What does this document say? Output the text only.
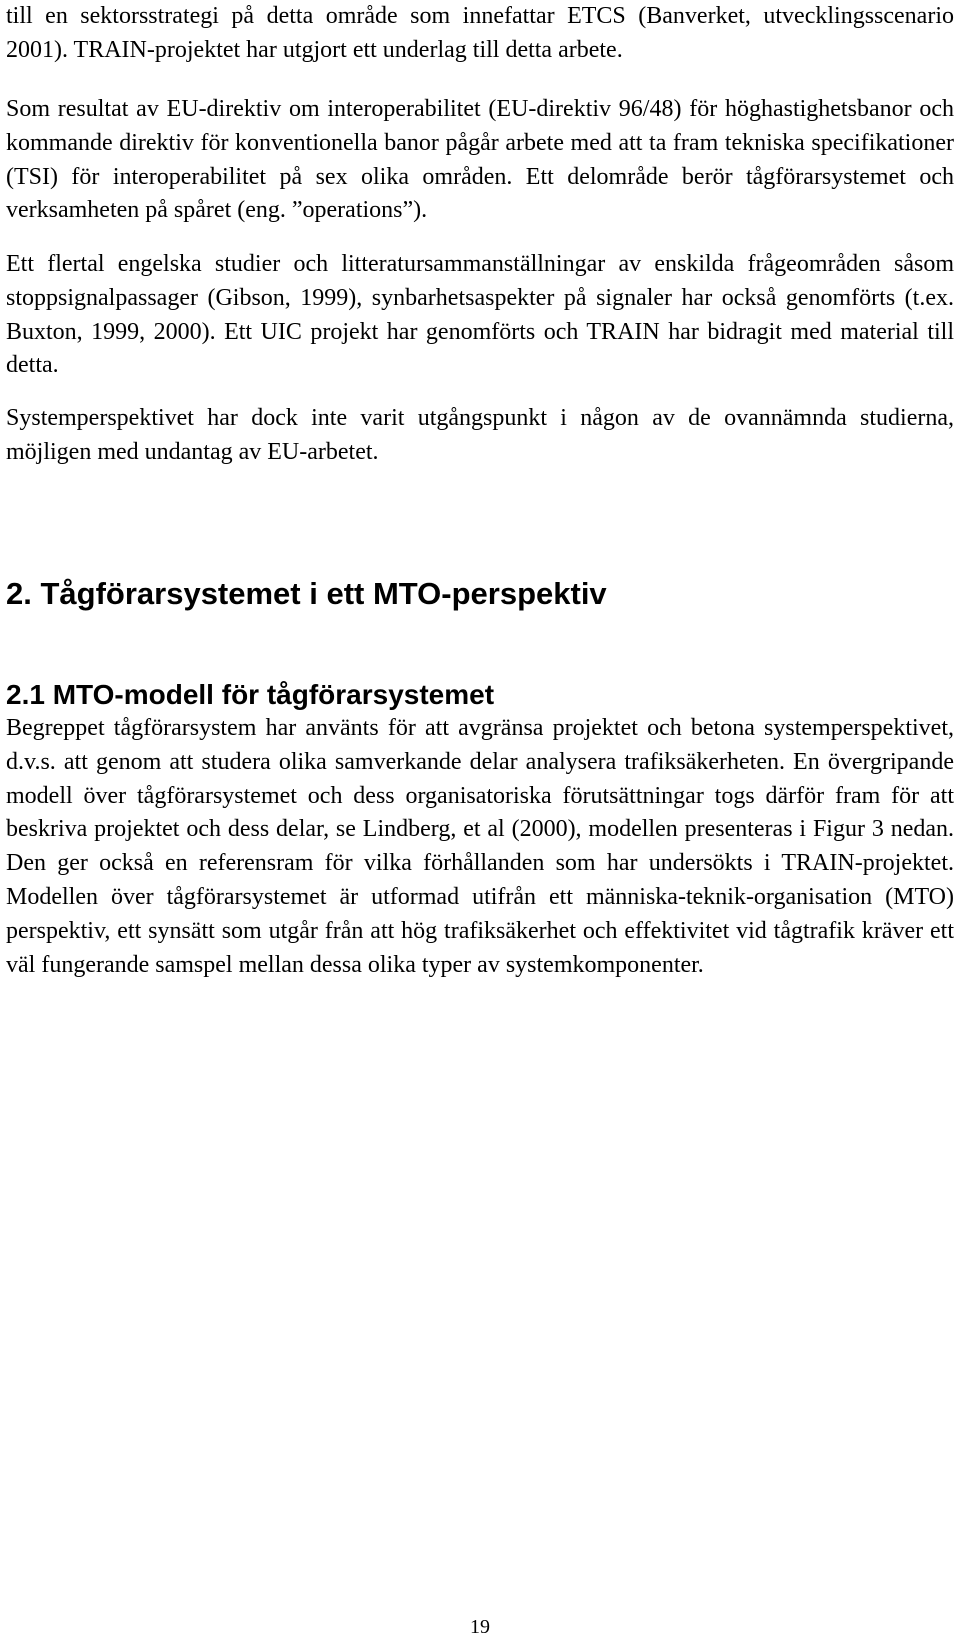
till en sektorsstrategi på detta område som innefattar ETCS (Banverket, utvecklingsscenario 2001). TRAIN-projektet har utgjort ett underlag till detta arbete.

Som resultat av EU-direktiv om interoperabilitet (EU-direktiv 96/48) för höghastighetsbanor och kommande direktiv för konventionella banor pågår arbete med att ta fram tekniska specifikationer (TSI) för interoperabilitet på sex olika områden. Ett delområde berör tågförarsystemet och verksamheten på spåret (eng. ”operations”).

Ett flertal engelska studier och litteratursammanställningar av enskilda frågeområden såsom stoppsignalpassager (Gibson, 1999), synbarhetsaspekter på signaler har också genomförts (t.ex. Buxton, 1999, 2000). Ett UIC projekt har genomförts och TRAIN har bidragit med material till detta.

Systemperspektivet har dock inte varit utgångspunkt i någon av de ovannämnda studierna, möjligen med undantag av EU-arbetet.

2. Tågförarsystemet i ett MTO-perspektiv
2.1 MTO-modell för tågförarsystemet

Begreppet tågförarsystem har använts för att avgränsa projektet och betona systemperspektivet, d.v.s. att genom att studera olika samverkande delar analysera trafiksäkerheten. En övergripande modell över tågförarsystemet och dess organisatoriska förutsättningar togs därför fram för att beskriva projektet och dess delar, se Lindberg, et al (2000), modellen presenteras i Figur 3 nedan. Den ger också en referensram för vilka förhållanden som har undersökts i TRAIN-projektet. Modellen över tågförarsystemet är utformad utifrån ett människa-teknik-organisation (MTO) perspektiv, ett synsätt som utgår från att hög trafiksäkerhet och effektivitet vid tågtrafik kräver ett väl fungerande samspel mellan dessa olika typer av systemkomponenter.

19
